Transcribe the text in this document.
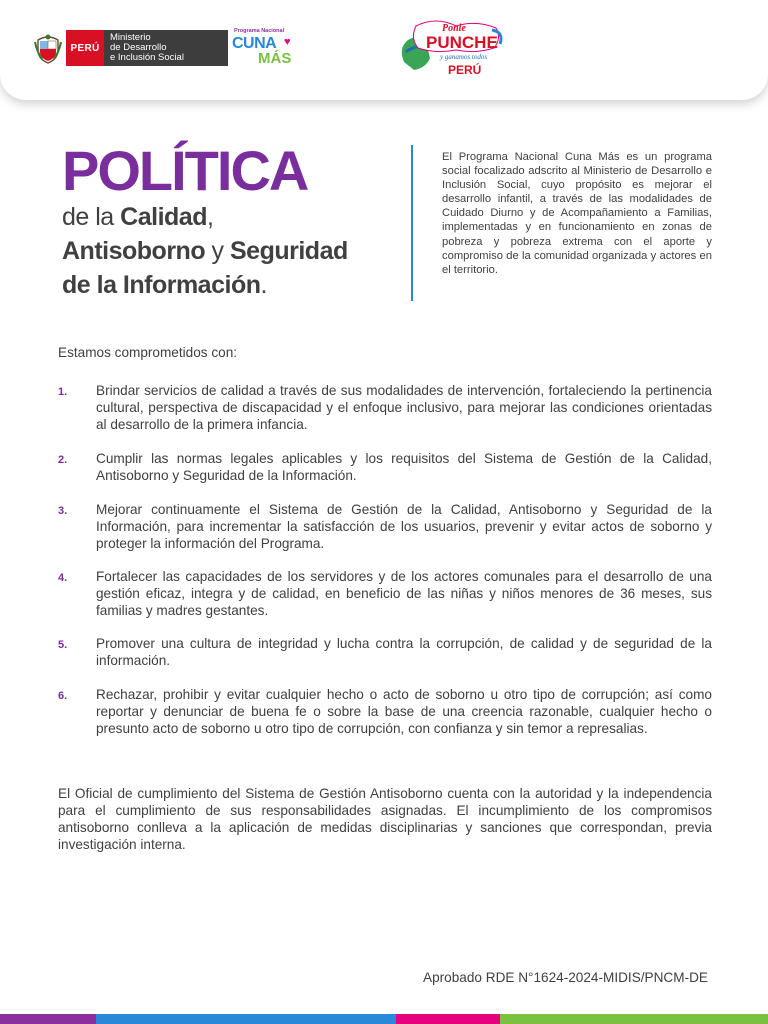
PERÚ
Ministerio
de Desarrollo
e Inclusión Social
Programa Nacional
CUNA ♥
MÁS
Ponle
PUNCHE
y ganamos todos
PERÚ
POLÍTICA
de la Calidad,
Antisoborno y Seguridad
de la Información.

El Programa Nacional Cuna Más es un programa social focalizado adscrito al Ministerio de Desarrollo e Inclusión Social, cuyo propósito es mejorar el desarrollo infantil, a través de las modalidades de Cuidado Diurno y de Acompañamiento a Familias, implementadas y en funcionamiento en zonas de pobreza y pobreza extrema con el aporte y compromiso de la comunidad organizada y actores en el territorio.

Estamos comprometidos con:

1. Brindar servicios de calidad a través de sus modalidades de intervención, fortaleciendo la pertinencia cultural, perspectiva de discapacidad y el enfoque inclusivo, para mejorar las condiciones orientadas al desarrollo de la primera infancia.

2. Cumplir las normas legales aplicables y los requisitos del Sistema de Gestión de la Calidad, Antisoborno y Seguridad de la Información.

3. Mejorar continuamente el Sistema de Gestión de la Calidad, Antisoborno y Seguridad de la Información, para incrementar la satisfacción de los usuarios, prevenir y evitar actos de soborno y proteger la información del Programa.

4. Fortalecer las capacidades de los servidores y de los actores comunales para el desarrollo de una gestión eficaz, integra y de calidad, en beneficio de las niñas y niños menores de 36 meses, sus familias y madres gestantes.

5. Promover una cultura de integridad y lucha contra la corrupción, de calidad y de seguridad de la información.

6. Rechazar, prohibir y evitar cualquier hecho o acto de soborno u otro tipo de corrupción; así como reportar y denunciar de buena fe o sobre la base de una creencia razonable, cualquier hecho o presunto acto de soborno u otro tipo de corrupción, con confianza y sin temor a represalias.

El Oficial de cumplimiento del Sistema de Gestión Antisoborno cuenta con la autoridad y la independencia para el cumplimiento de sus responsabilidades asignadas. El incumplimiento de los compromisos antisoborno conlleva a la aplicación de medidas disciplinarias y sanciones que correspondan, previa investigación interna.

Aprobado RDE N°1624-2024-MIDIS/PNCM-DE
